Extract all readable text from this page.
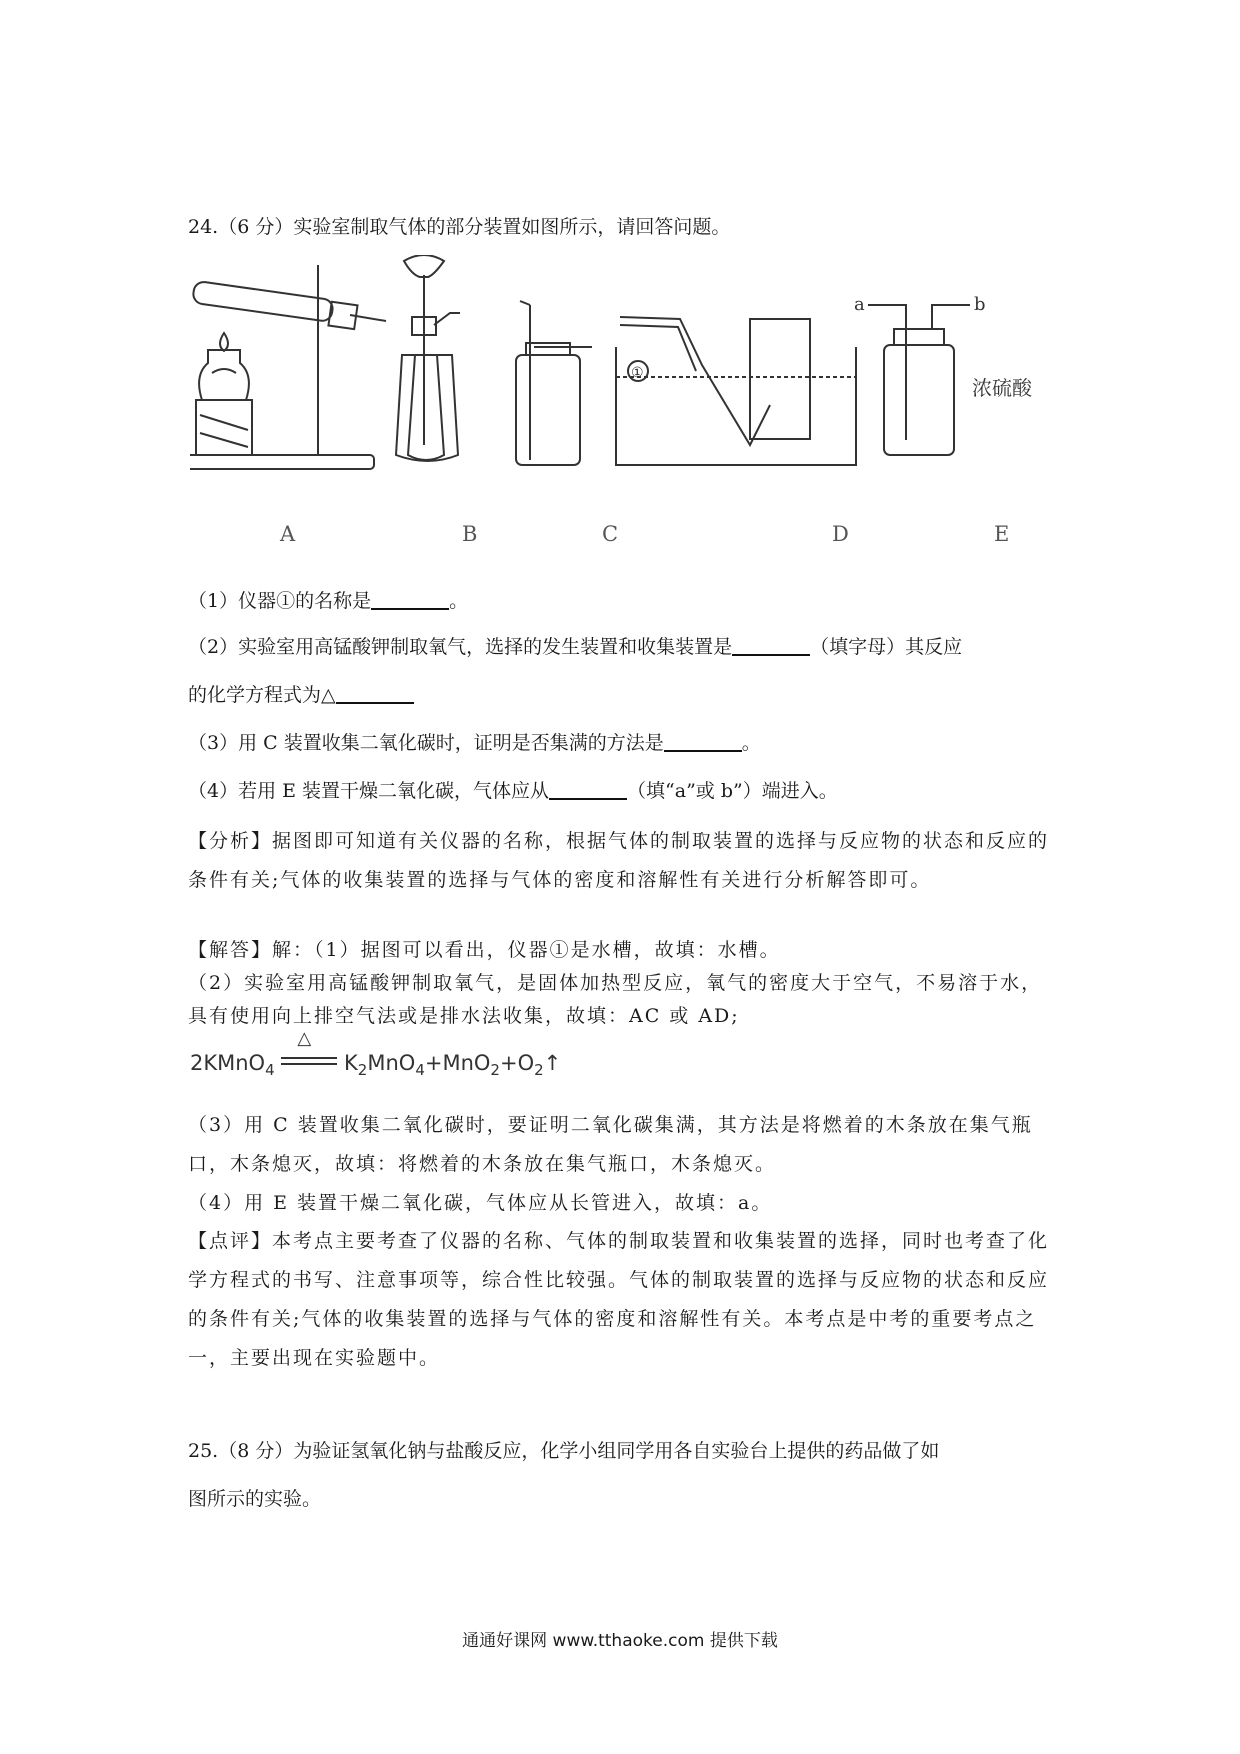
24.（6 分）实验室制取气体的部分装置如图所示，请回答问题。
①
a	b
浓硫酸
A	B	C	D	E
（1）仪器①的名称是	。
（2）实验室用高锰酸钾制取氧气，选择的发生装置和收集装置是	（填字母）其反应
的化学方程式为△
（3）用 C 装置收集二氧化碳时，证明是否集满的方法是	。
（4）若用 E 装置干燥二氧化碳，气体应从	（填“a”或 b”）端进入。

【分析】据图即可知道有关仪器的名称，根据气体的制取装置的选择与反应物的状态和反应的条件有关;气体的收集装置的选择与气体的密度和溶解性有关进行分析解答即可。

【解答】解：（1）据图可以看出，仪器①是水槽，故填：水槽。

（2）实验室用高锰酸钾制取氧气，是固体加热型反应，氧气的密度大于空气，不易溶于水，具有使用向上排空气法或是排水法收集，故填：AC 或 AD;

2KMnO$_4$
△
$K_2MnO_4+MnO_2+O_2↑$

（3）用 C 装置收集二氧化碳时，要证明二氧化碳集满，其方法是将燃着的木条放在集气瓶口，木条熄灭，故填：将燃着的木条放在集气瓶口，木条熄灭。

（4）用 E 装置干燥二氧化碳，气体应从长管进入，故填：a。

【点评】本考点主要考查了仪器的名称、气体的制取装置和收集装置的选择，同时也考查了化学方程式的书写、注意事项等，综合性比较强。气体的制取装置的选择与反应物的状态和反应的条件有关;气体的收集装置的选择与气体的密度和溶解性有关。本考点是中考的重要考点之一，主要出现在实验题中。

25.（8 分）为验证氢氧化钠与盐酸反应，化学小组同学用各自实验台上提供的药品做了如
图所示的实验。
通通好课网 www.tthaoke.com 提供下载
